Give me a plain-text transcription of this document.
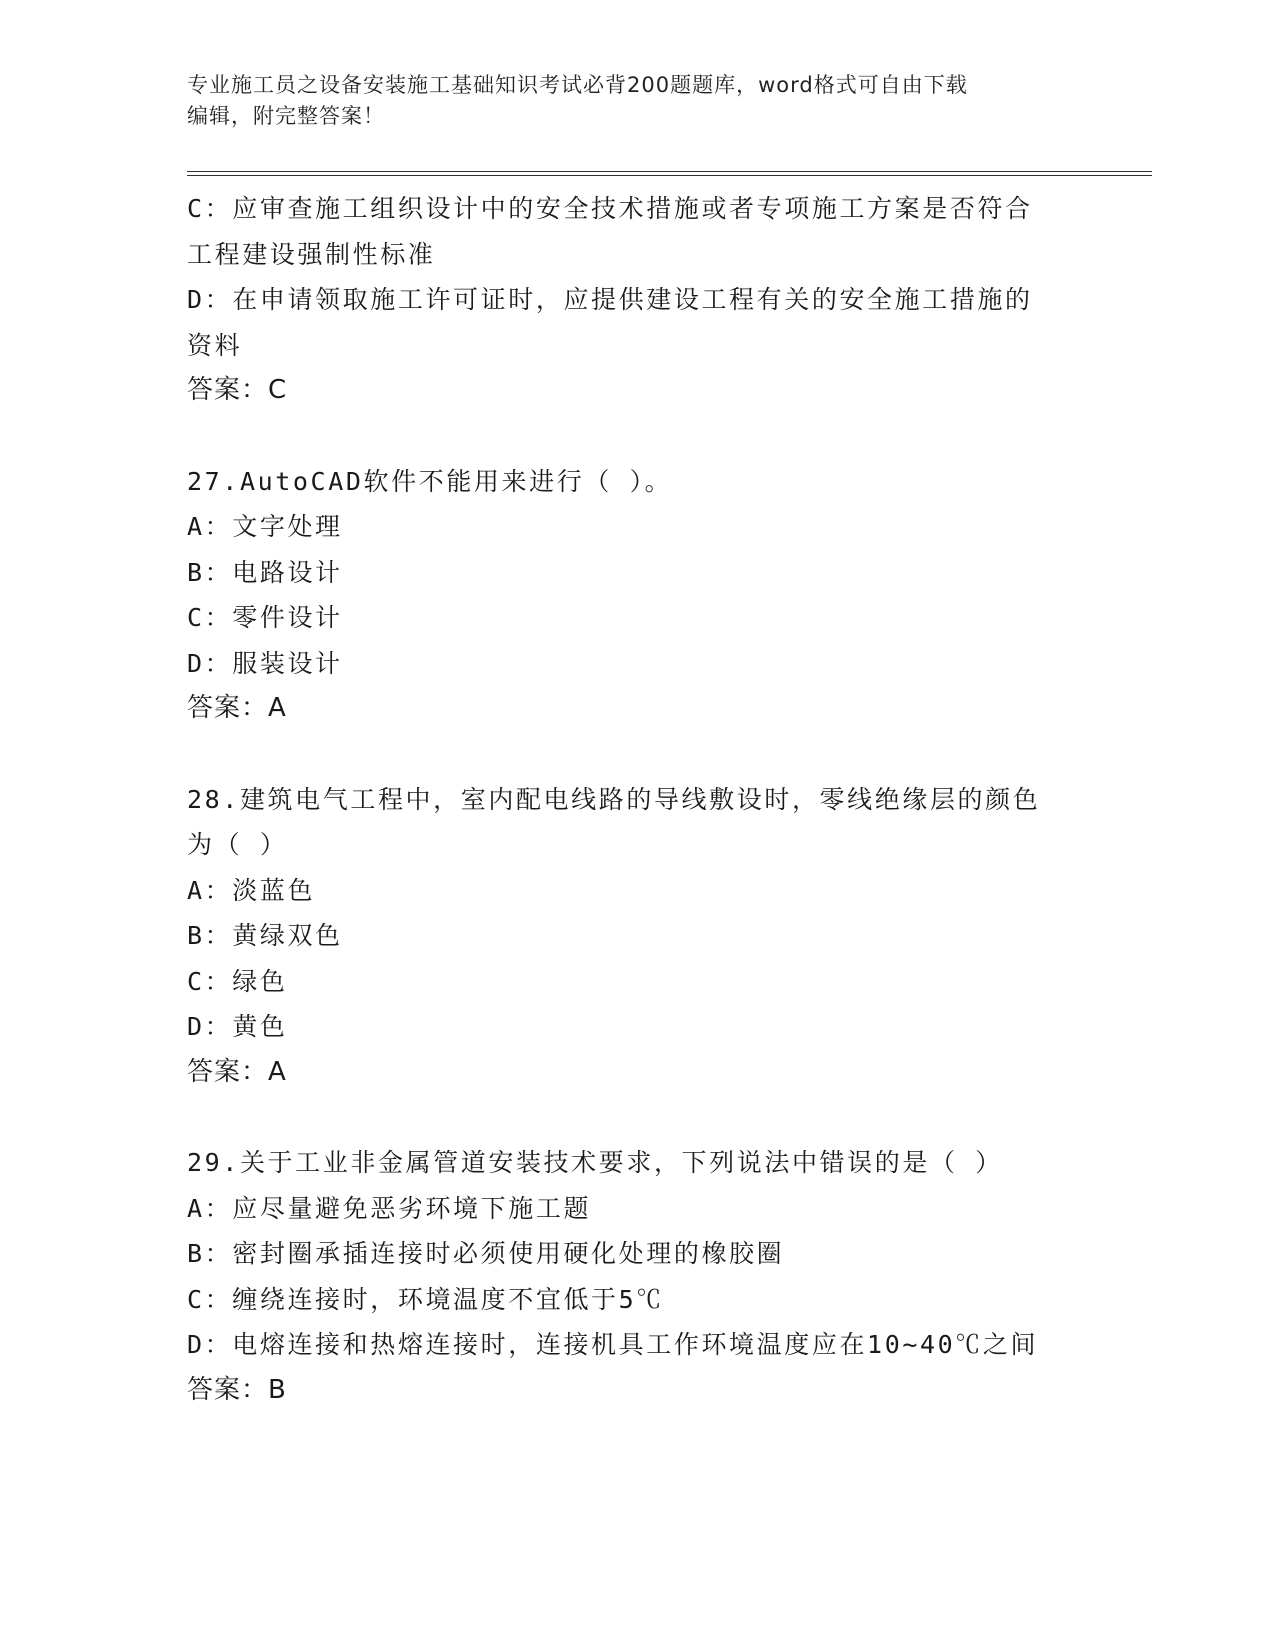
专业施工员之设备安装施工基础知识考试必背200题题库，word格式可自由下载
编辑，附完整答案！
C：应审查施工组织设计中的安全技术措施或者专项施工方案是否符合
工程建设强制性标准
D：在申请领取施工许可证时，应提供建设工程有关的安全施工措施的
资料
答案：C
27.AutoCAD软件不能用来进行（ ）。
A：文字处理
B：电路设计
C：零件设计
D：服装设计
答案：A
28.建筑电气工程中，室内配电线路的导线敷设时，零线绝缘层的颜色
为（ ）
A：淡蓝色
B：黄绿双色
C：绿色
D：黄色
答案：A
29.关于工业非金属管道安装技术要求，下列说法中错误的是（ ）
A：应尽量避免恶劣环境下施工题
B：密封圈承插连接时必须使用硬化处理的橡胶圈
C：缠绕连接时，环境温度不宜低于5℃
D：电熔连接和热熔连接时，连接机具工作环境温度应在10~40℃之间
答案：B
